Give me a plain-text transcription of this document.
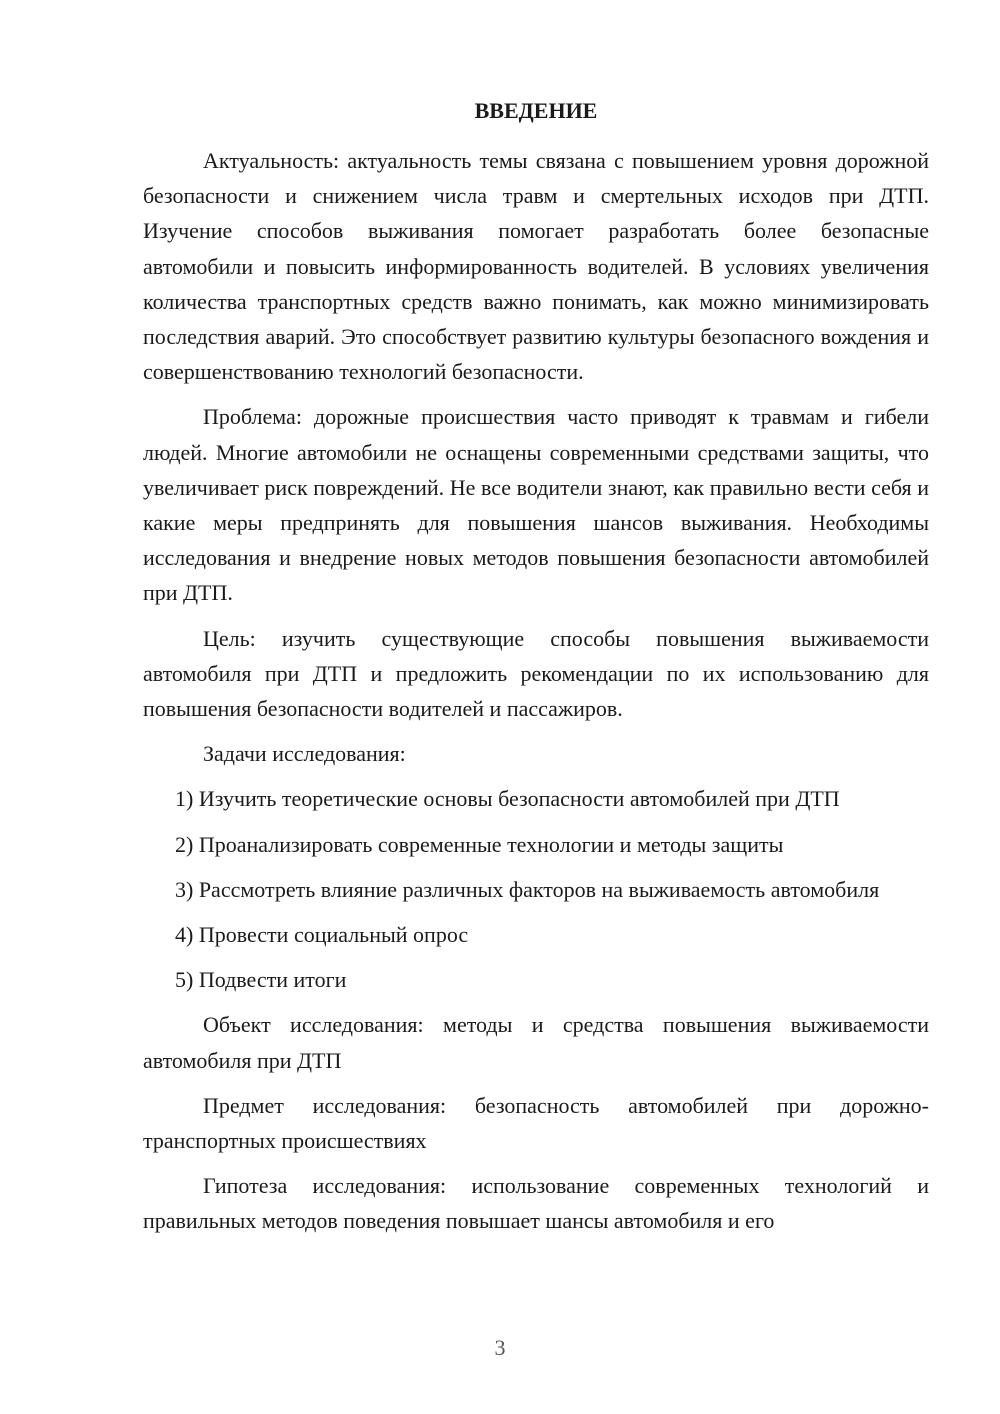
ВВЕДЕНИЕ

Актуальность: актуальность темы связана с повышением уровня дорожной безопасности и снижением числа травм и смертельных исходов при ДТП. Изучение способов выживания помогает разработать более безопасные автомобили и повысить информированность водителей. В условиях увеличения количества транспортных средств важно понимать, как можно минимизировать последствия аварий. Это способствует развитию культуры безопасного вождения и совершенствованию технологий безопасности.

Проблема: дорожные происшествия часто приводят к травмам и гибели людей. Многие автомобили не оснащены современными средствами защиты, что увеличивает риск повреждений. Не все водители знают, как правильно вести себя и какие меры предпринять для повышения шансов выживания. Необходимы исследования и внедрение новых методов повышения безопасности автомобилей при ДТП.

Цель: изучить существующие способы повышения выживаемости автомобиля при ДТП и предложить рекомендации по их использованию для повышения безопасности водителей и пассажиров.

Задачи исследования:

1) Изучить теоретические основы безопасности автомобилей при ДТП

2) Проанализировать современные технологии и методы защиты

3) Рассмотреть влияние различных факторов на выживаемость автомобиля

4) Провести социальный опрос

5) Подвести итоги

Объект исследования: методы и средства повышения выживаемости автомобиля при ДТП

Предмет исследования: безопасность автомобилей при дорожно-транспортных происшествиях

Гипотеза исследования: использование современных технологий и правильных методов поведения повышает шансы автомобиля и его

3
